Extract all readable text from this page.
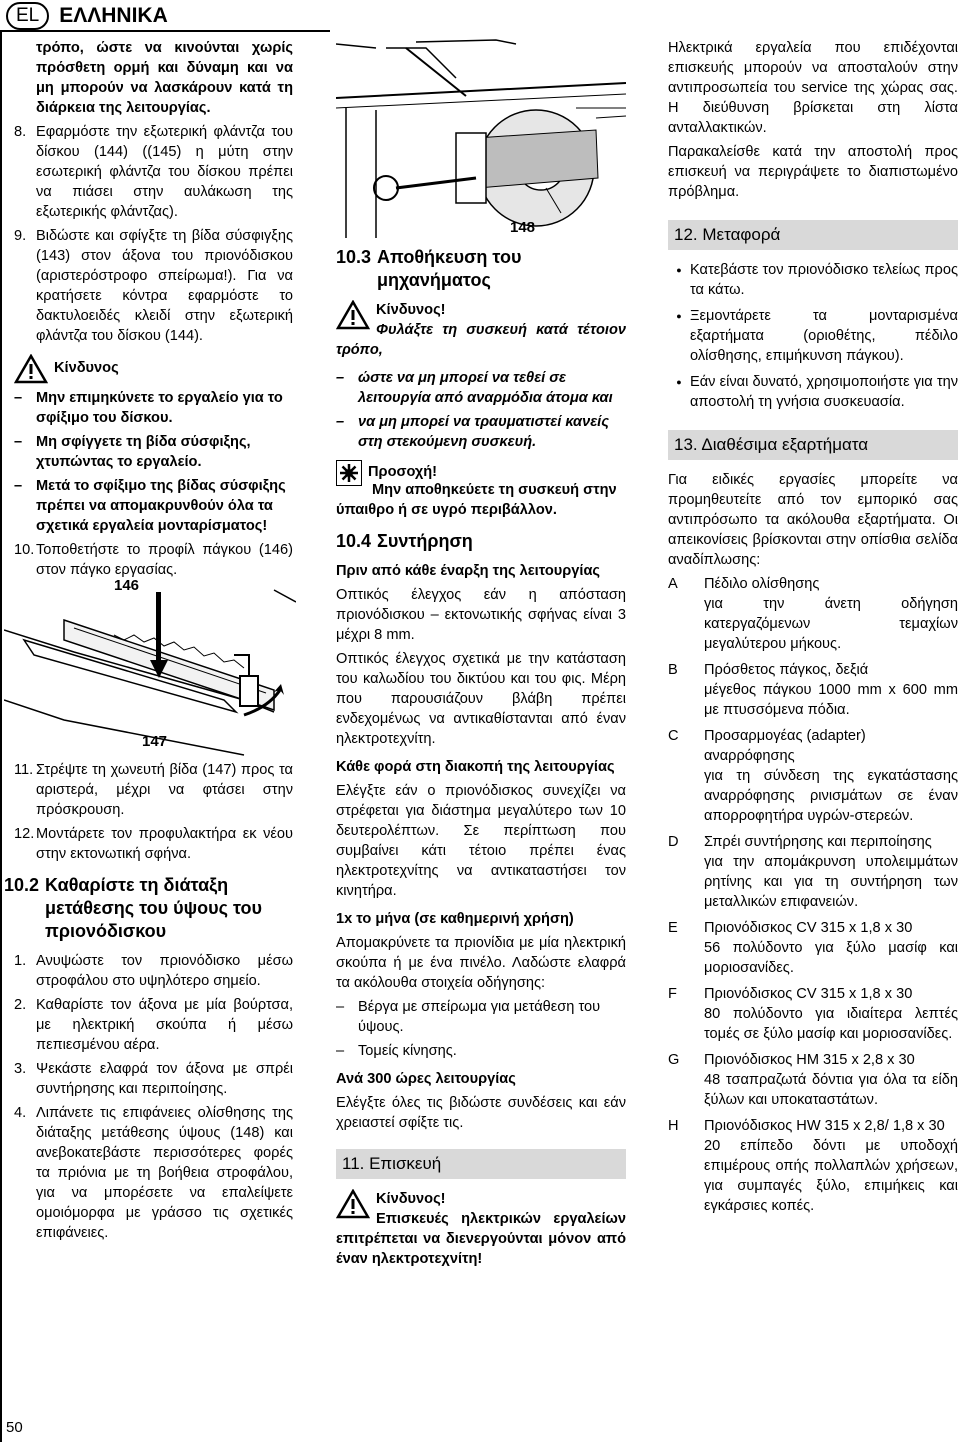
EL ΕΛΛΗΝΙΚΑ
50

τρόπο, ώστε να κινούνται χωρίς πρόσθετη ορμή και δύναμη και να μη μπορούν να λασκάρουν κατά τη διάρκεια της λειτουργίας.

8. Εφαρμόστε την εξωτερική φλάντζα του δίσκου (144) ((145) η μύτη στην εσωτερική φλάντζα του δίσκου πρέπει να πιάσει στην αυλάκωση της εξωτερικής φλάντζας).
9. Βιδώστε και σφίγξτε τη βίδα σύσφιγξης (143) στον άξονα του πριονόδισκου (αριστερόστροφο σπείρωμα!). Για να κρατήσετε κόντρα εφαρμόστε το δακτυλοειδές κλειδί στην εξωτερική φλάντζα του δίσκου (144).
Κίνδυνος
– Μην επιμηκύνετε το εργαλείο για το σφίξιμο του δίσκου.
– Μη σφίγγετε τη βίδα σύσφιξης, χτυπώντας το εργαλείο.
– Μετά το σφίξιμο της βίδας σύσφιξης πρέπει να απομακρυνθούν όλα τα σχετικά εργαλεία μονταρίσματος!
10. Τοποθετήστε το προφίλ πάγκου (146) στον πάγκο εργασίας.
146
147
11. Στρέψτε τη χωνευτή βίδα (147) προς τα αριστερά, μέχρι να φτάσει στην πρόσκρουση.
12. Μοντάρετε τον προφυλακτήρα εκ νέου στην εκτονωτική σφήνα.
10.2 Καθαρίστε τη διάταξη μετάθεσης του ύψους του πριονόδισκου
1. Ανυψώστε τον πριονόδισκο μέσω στροφάλου στο υψηλότερο σημείο.
2. Καθαρίστε τον άξονα με μία βούρτσα, με ηλεκτρική σκούπα ή μέσω πεπιεσμένου αέρα.
3. Ψεκάστε ελαφρά τον άξονα με σπρέι συντήρησης και περιποίησης.
4. Λιπάνετε τις επιφάνειες ολίσθησης της διάταξης μετάθεσης ύψους (148) και ανεβοκατεβάστε περισσότερες φορές τα πριόνια με τη βοήθεια στροφάλου, για να μπορέσετε να επαλείψετε ομοιόμορφα με γράσσο τις σχετικές επιφάνειες.
148
10.3 Αποθήκευση του μηχανήματος
Κίνδυνος!

Φυλάξτε τη συσκευή κατά τέτοιον τρόπο,

– ώστε να μη μπορεί να τεθεί σε λειτουργία από αναρμόδια άτομα και
– να μη μπορεί να τραυματιστεί κανείς στη στεκούμενη συσκευή.
Προσοχή!

Μην αποθηκεύετε τη συσκευή στην ύπαιθρο ή σε υγρό περιβάλλον.

10.4 Συντήρηση

Πριν από κάθε έναρξη της λειτουργίας

Οπτικός έλεγχος εάν η απόσταση πριονόδισκου – εκτονωτικής σφήνας είναι 3 μέχρι 8 mm.

Οπτικός έλεγχος σχετικά με την κατάσταση του καλωδίου του δικτύου και του φις. Μέρη που παρουσιάζουν βλάβη πρέπει ενδεχομένως να αντικαθίστανται από έναν ηλεκτροτεχνίτη.

Κάθε φορά στη διακοπή της λειτουργίας

Ελέγξτε εάν ο πριονόδισκος συνεχίζει να στρέφεται για διάστημα μεγαλύτερο των 10 δευτερολέπτων. Σε περίπτωση που συμβαίνει κάτι τέτοιο πρέπει ένας ηλεκτροτεχνίτης να αντικαταστήσει τον κινητήρα.

1x το μήνα (σε καθημερινή χρήση)

Απομακρύνετε τα πριονίδια με μία ηλεκτρική σκούπα ή με ένα πινέλο. Λαδώστε ελαφρά τα ακόλουθα στοιχεία οδήγησης:

– Βέργα με σπείρωμα για μετάθεση του ύψους.
– Τομείς κίνησης.

Ανά 300 ώρες λειτουργίας

Ελέγξτε όλες τις βιδώστε συνδέσεις και εάν χρειαστεί σφίξτε τις.

11. Επισκευή
Κίνδυνος!

Επισκευές ηλεκτρικών εργαλείων επιτρέπεται να διενεργούνται μόνον από έναν ηλεκτροτεχνίτη!

Ηλεκτρικά εργαλεία που επιδέχονται επισκευής μπορούν να αποσταλούν στην αντιπροσωπεία του service της χώρας σας. Η διεύθυνση βρίσκεται στη λίστα ανταλλακτικών.

Παρακαλείσθε κατά την αποστολή προς επισκευή να περιγράψετε το διαπιστωμένο πρόβλημα.

12. Μεταφορά
● Κατεβάστε τον πριονόδισκο τελείως προς τα κάτω.
● Ξεμοντάρετε τα μονταρισμένα εξαρτήματα (οριοθέτης, πέδιλο ολίσθησης, επιμήκυνση πάγκου).
● Εάν είναι δυνατό, χρησιμοποιήστε για την αποστολή τη γνήσια συσκευασία.
13. Διαθέσιμα εξαρτήματα

Για ειδικές εργασίες μπορείτε να προμηθευτείτε από τον εμπορικό σας αντιπρόσωπο τα ακόλουθα εξαρτήματα. Οι απεικονίσεις βρίσκονται στην οπίσθια σελίδα αναδίπλωσης:

A	Πέδιλο ολίσθησης
για την άνετη οδήγηση κατεργαζόμενων τεμαχίων μεγαλύτερου μήκους.
B	Πρόσθετος πάγκος, δεξιά
μέγεθος πάγκου 1000 mm x 600 mm με πτυσσόμενα πόδια.
C	Προσαρμογέας (adapter) αναρρόφησης
για τη σύνδεση της εγκατάστασης αναρρόφησης ρινισμάτων σε έναν απορροφητήρα υγρών-στερεών.
D	Σπρέι συντήρησης και περιποίησης
για την απομάκρυνση υπολειμμάτων ρητίνης και για τη συντήρηση των μεταλλικών επιφανειών.
E	Πριονόδισκος CV 315 x 1,8 x 30
56 πολύδοντο για ξύλο μασίφ και μοριοσανίδες.
F	Πριονόδισκος CV 315 x 1,8 x 30
80 πολύδοντο για ιδιαίτερα λεπτές τομές σε ξύλο μασίφ και μοριοσανίδες.
G	Πριονόδισκος HM 315 x 2,8 x 30
48 τσαπραζωτά δόντια για όλα τα είδη ξύλων και υποκαταστάτων.
H	Πριονόδισκος HW 315 x 2,8/ 1,8 x 30
20 επίπεδο δόντι με υποδοχή επιμέρους οπής πολλαπλών χρήσεων, για συμπαγές ξύλο, επιμήκεις και εγκάρσιες κοπές.
